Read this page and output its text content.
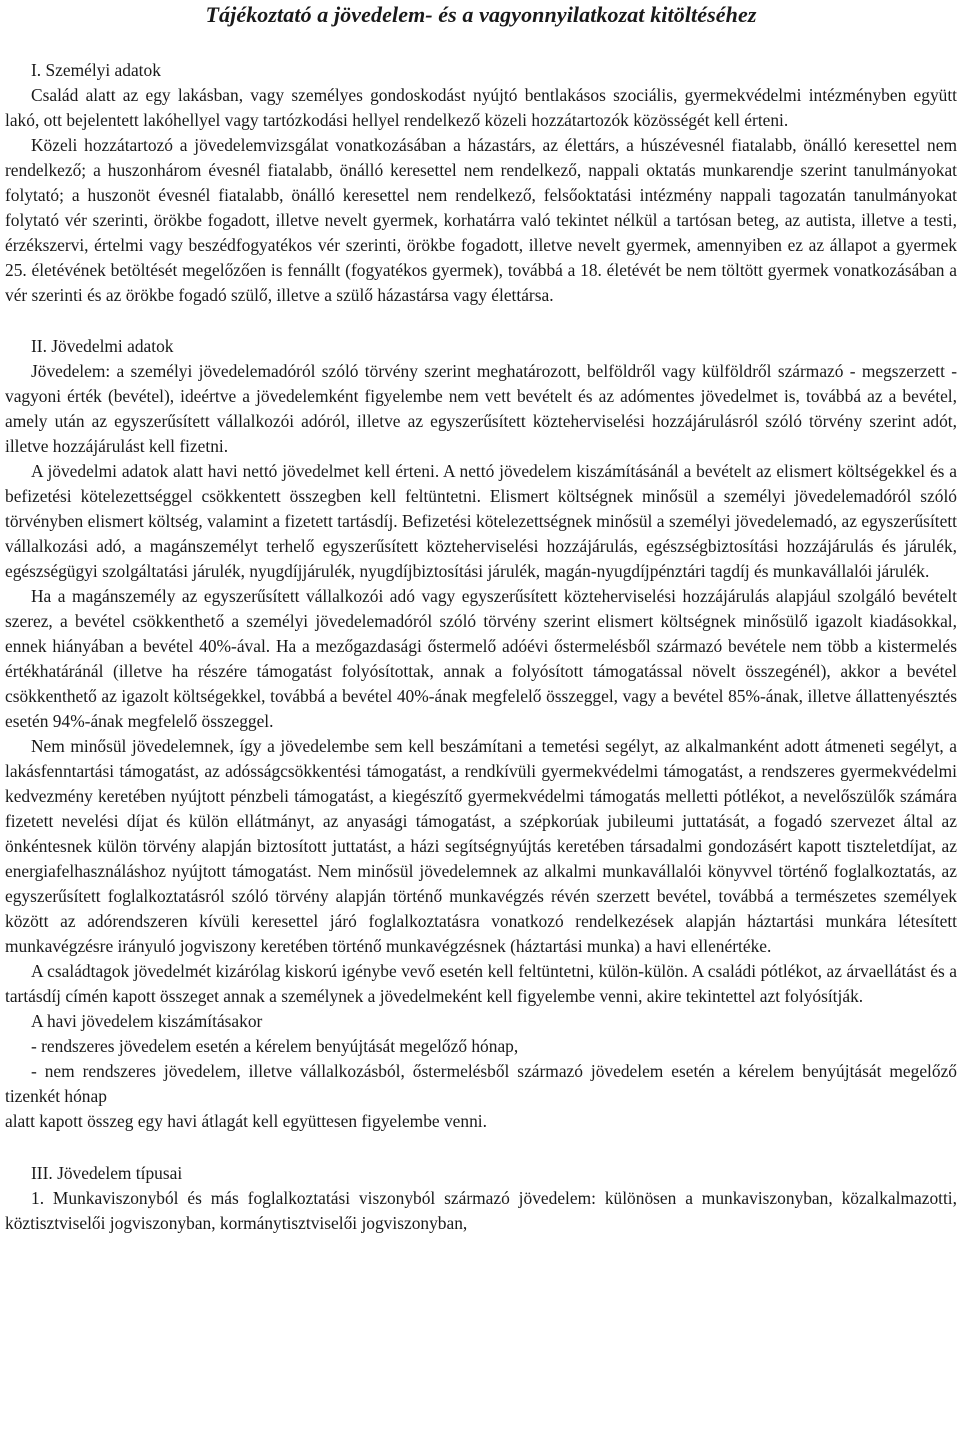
Tájékoztató a jövedelem- és a vagyonnyilatkozat kitöltéséhez
I. Személyi adatok

Család alatt az egy lakásban, vagy személyes gondoskodást nyújtó bentlakásos szociális, gyermekvédelmi intézményben együtt lakó, ott bejelentett lakóhellyel vagy tartózkodási hellyel rendelkező közeli hozzátartozók közösségét kell érteni.

Közeli hozzátartozó a jövedelemvizsgálat vonatkozásában a házastárs, az élettárs, a húszévesnél fiatalabb, önálló keresettel nem rendelkező; a huszonhárom évesnél fiatalabb, önálló keresettel nem rendelkező, nappali oktatás munkarendje szerint tanulmányokat folytató; a huszonöt évesnél fiatalabb, önálló keresettel nem rendelkező, felsőoktatási intézmény nappali tagozatán tanulmányokat folytató vér szerinti, örökbe fogadott, illetve nevelt gyermek, korhatárra való tekintet nélkül a tartósan beteg, az autista, illetve a testi, érzékszervi, értelmi vagy beszédfogyatékos vér szerinti, örökbe fogadott, illetve nevelt gyermek, amennyiben ez az állapot a gyermek 25. életévének betöltését megelőzően is fennállt (fogyatékos gyermek), továbbá a 18. életévét be nem töltött gyermek vonatkozásában a vér szerinti és az örökbe fogadó szülő, illetve a szülő házastársa vagy élettársa.

II. Jövedelmi adatok

Jövedelem: a személyi jövedelemadóról szóló törvény szerint meghatározott, belföldről vagy külföldről származó - megszerzett - vagyoni érték (bevétel), ideértve a jövedelemként figyelembe nem vett bevételt és az adómentes jövedelmet is, továbbá az a bevétel, amely után az egyszerűsített vállalkozói adóról, illetve az egyszerűsített közteherviselési hozzájárulásról szóló törvény szerint adót, illetve hozzájárulást kell fizetni.

A jövedelmi adatok alatt havi nettó jövedelmet kell érteni. A nettó jövedelem kiszámításánál a bevételt az elismert költségekkel és a befizetési kötelezettséggel csökkentett összegben kell feltüntetni. Elismert költségnek minősül a személyi jövedelemadóról szóló törvényben elismert költség, valamint a fizetett tartásdíj. Befizetési kötelezettségnek minősül a személyi jövedelemadó, az egyszerűsített vállalkozási adó, a magánszemélyt terhelő egyszerűsített közteherviselési hozzájárulás, egészségbiztosítási hozzájárulás és járulék, egészségügyi szolgáltatási járulék, nyugdíjjárulék, nyugdíjbiztosítási járulék, magán-nyugdíjpénztári tagdíj és munkavállalói járulék.

Ha a magánszemély az egyszerűsített vállalkozói adó vagy egyszerűsített közteherviselési hozzájárulás alapjául szolgáló bevételt szerez, a bevétel csökkenthető a személyi jövedelemadóról szóló törvény szerint elismert költségnek minősülő igazolt kiadásokkal, ennek hiányában a bevétel 40%-ával. Ha a mezőgazdasági őstermelő adóévi őstermelésből származó bevétele nem több a kistermelés értékhatáránál (illetve ha részére támogatást folyósítottak, annak a folyósított támogatással növelt összegénél), akkor a bevétel csökkenthető az igazolt költségekkel, továbbá a bevétel 40%-ának megfelelő összeggel, vagy a bevétel 85%-ának, illetve állattenyésztés esetén 94%-ának megfelelő összeggel.

Nem minősül jövedelemnek, így a jövedelembe sem kell beszámítani a temetési segélyt, az alkalmanként adott átmeneti segélyt, a lakásfenntartási támogatást, az adósságcsökkentési támogatást, a rendkívüli gyermekvédelmi támogatást, a rendszeres gyermekvédelmi kedvezmény keretében nyújtott pénzbeli támogatást, a kiegészítő gyermekvédelmi támogatás melletti pótlékot, a nevelőszülők számára fizetett nevelési díjat és külön ellátmányt, az anyasági támogatást, a szépkorúak jubileumi juttatását, a fogadó szervezet által az önkéntesnek külön törvény alapján biztosított juttatást, a házi segítségnyújtás keretében társadalmi gondozásért kapott tiszteletdíjat, az energiafelhasználáshoz nyújtott támogatást. Nem minősül jövedelemnek az alkalmi munkavállalói könyvvel történő foglalkoztatás, az egyszerűsített foglalkoztatásról szóló törvény alapján történő munkavégzés révén szerzett bevétel, továbbá a természetes személyek között az adórendszeren kívüli keresettel járó foglalkoztatásra vonatkozó rendelkezések alapján háztartási munkára létesített munkavégzésre irányuló jogviszony keretében történő munkavégzésnek (háztartási munka) a havi ellenértéke.

A családtagok jövedelmét kizárólag kiskorú igénybe vevő esetén kell feltüntetni, külön-külön. A családi pótlékot, az árvaellátást és a tartásdíj címén kapott összeget annak a személynek a jövedelmeként kell figyelembe venni, akire tekintettel azt folyósítják.

A havi jövedelem kiszámításakor

- rendszeres jövedelem esetén a kérelem benyújtását megelőző hónap,

- nem rendszeres jövedelem, illetve vállalkozásból, őstermelésből származó jövedelem esetén a kérelem benyújtását megelőző tizenkét hónap

alatt kapott összeg egy havi átlagát kell együttesen figyelembe venni.

III. Jövedelem típusai

1. Munkaviszonyból és más foglalkoztatási viszonyból származó jövedelem: különösen a munkaviszonyban, közalkalmazotti, köztisztviselői jogviszonyban, kormánytisztviselői jogviszonyban,
